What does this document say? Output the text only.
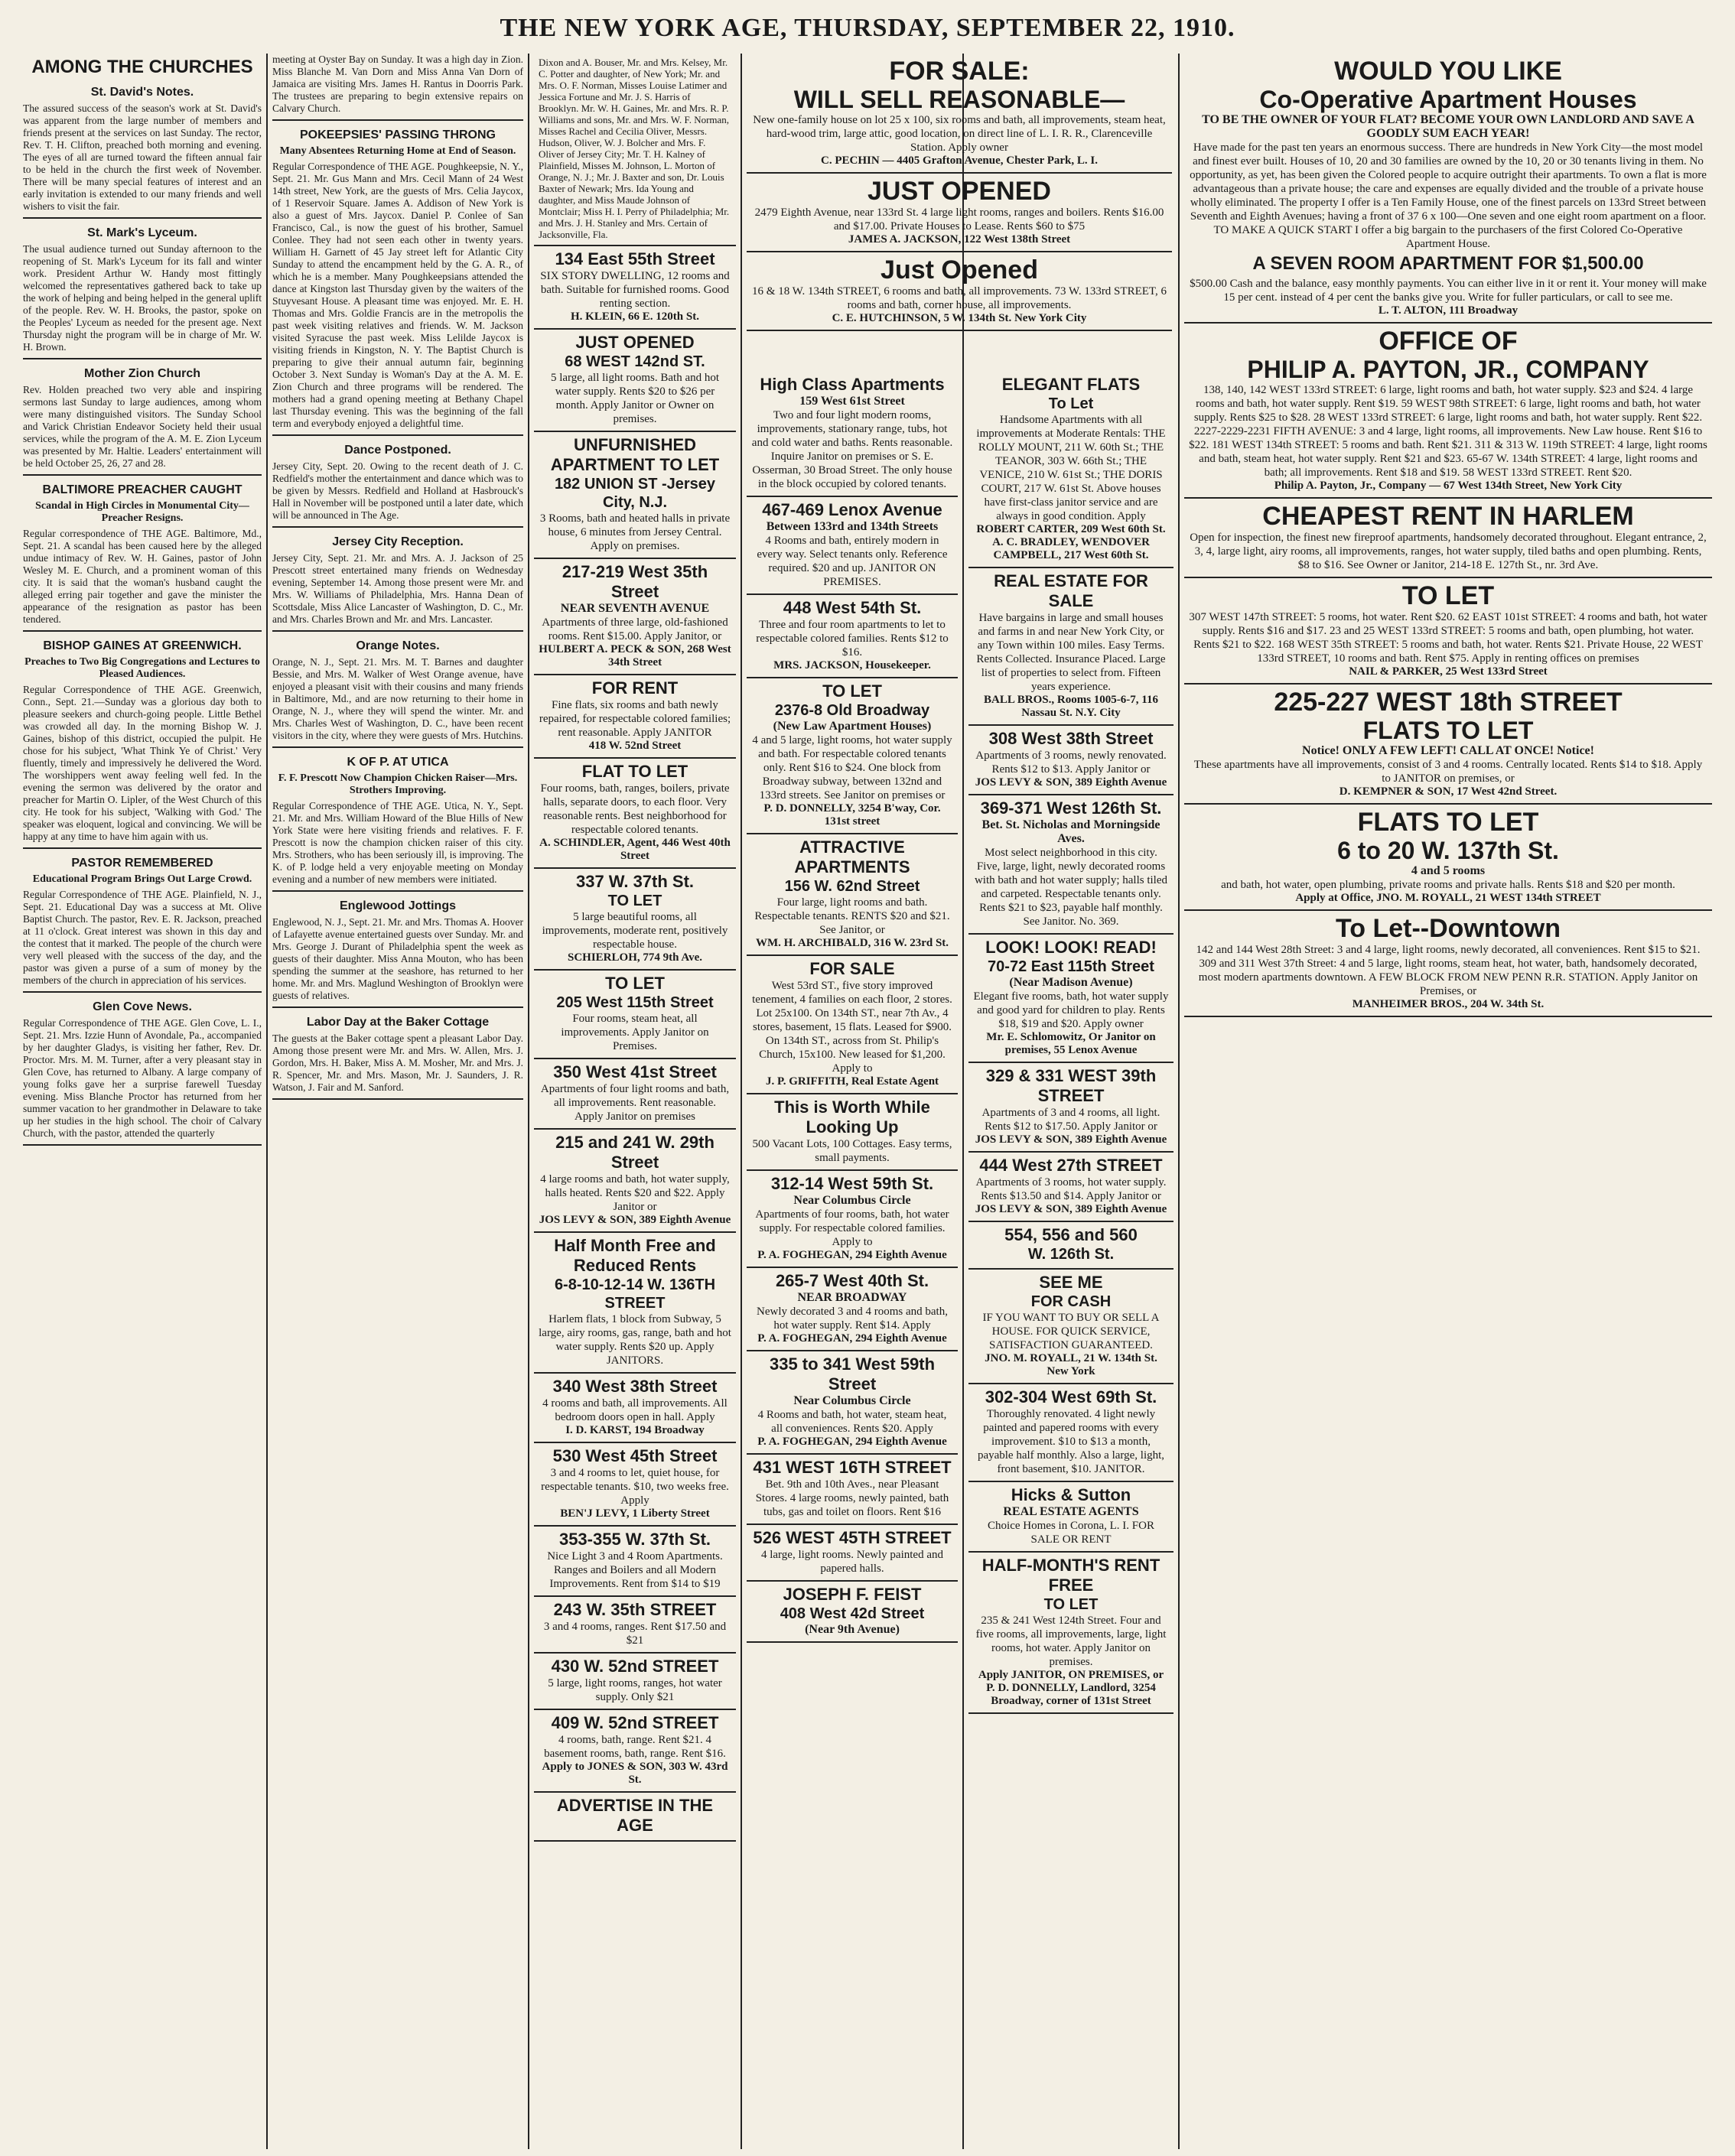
THE NEW YORK AGE, THURSDAY, SEPTEMBER 22, 1910.
AMONG THE CHURCHES
St. David's Notes.

The assured success of the season's work at St. David's was apparent from the large number of members and friends present at the services on last Sunday. The rector, Rev. T. H. Clifton, preached both morning and evening. The eyes of all are turned toward the fifteen annual fair to be held in the church the first week of November. There will be many special features of interest and an early invitation is extended to our many friends and well wishers to visit the fair.

St. Mark's Lyceum.

The usual audience turned out Sunday afternoon to the reopening of St. Mark's Lyceum for its fall and winter work. President Arthur W. Handy most fittingly welcomed the representatives gathered back to take up the work of helping and being helped in the general uplift of the people. Rev. W. H. Brooks, the pastor, spoke on the Peoples' Lyceum as needed for the present age. Next Thursday night the program will be in charge of Mr. W. H. Brown.

Mother Zion Church

Rev. Holden preached two very able and inspiring sermons last Sunday to large audiences, among whom were many distinguished visitors. The Sunday School and Varick Christian Endeavor Society held their usual services, while the program of the A. M. E. Zion Lyceum was presented by Mr. Haltie. Leaders' entertainment will be held October 25, 26, 27 and 28.

BALTIMORE PREACHER CAUGHT
Scandal in High Circles in Monumental City—Preacher Resigns.

Regular correspondence of THE AGE. Baltimore, Md., Sept. 21. A scandal has been caused here by the alleged undue intimacy of Rev. W. H. Gaines, pastor of John Wesley M. E. Church, and a prominent woman of this city. It is said that the woman's husband caught the alleged erring pair together and gave the minister the appearance of the resignation as pastor has been tendered.

BISHOP GAINES AT GREENWICH.
Preaches to Two Big Congregations and Lectures to Pleased Audiences.

Regular Correspondence of THE AGE. Greenwich, Conn., Sept. 21.—Sunday was a glorious day both to pleasure seekers and church-going people. Little Bethel was crowded all day. In the morning Bishop W. J. Gaines, bishop of this district, occupied the pulpit. He chose for his subject, 'What Think Ye of Christ.' Very fluently, timely and impressively he delivered the Word. The worshippers went away feeling well fed. In the evening the sermon was delivered by the orator and preacher for Martin O. Lipler, of the West Church of this city. He took for his subject, 'Walking with God.' The speaker was eloquent, logical and convincing. We will be happy at any time to have him again with us.

PASTOR REMEMBERED
Educational Program Brings Out Large Crowd.

Regular Correspondence of THE AGE. Plainfield, N. J., Sept. 21. Educational Day was a success at Mt. Olive Baptist Church. The pastor, Rev. E. R. Jackson, preached at 11 o'clock. Great interest was shown in this day and the contest that it marked. The people of the church were very well pleased with the success of the day, and the pastor was given a purse of a sum of money by the members of the church in appreciation of his services.

Glen Cove News.

Regular Correspondence of THE AGE. Glen Cove, L. I., Sept. 21. Mrs. Izzie Hunn of Avondale, Pa., accompanied by her daughter Gladys, is visiting her father, Rev. Dr. Proctor. Mrs. M. M. Turner, after a very pleasant stay in Glen Cove, has returned to Albany. A large company of young folks gave her a surprise farewell Tuesday evening. Miss Blanche Proctor has returned from her summer vacation to her grandmother in Delaware to take up her studies in the high school. The choir of Calvary Church, with the pastor, attended the quarterly

meeting at Oyster Bay on Sunday. It was a high day in Zion. Miss Blanche M. Van Dorn and Miss Anna Van Dorn of Jamaica are visiting Mrs. James H. Rantus in Doorris Park. The trustees are preparing to begin extensive repairs on Calvary Church.

POKEEPSIES' PASSING THRONG
Many Absentees Returning Home at End of Season.

Regular Correspondence of THE AGE. Poughkeepsie, N. Y., Sept. 21. Mr. Gus Mann and Mrs. Cecil Mann of 24 West 14th street, New York, are the guests of Mrs. Celia Jaycox, of 1 Reservoir Square. James A. Addison of New York is also a guest of Mrs. Jaycox. Daniel P. Conlee of San Francisco, Cal., is now the guest of his brother, Samuel Conlee. They had not seen each other in twenty years. William H. Garnett of 45 Jay street left for Atlantic City Sunday to attend the encampment held by the G. A. R., of which he is a member. Many Poughkeepsians attended the dance at Kingston last Thursday given by the waiters of the Stuyvesant House. A pleasant time was enjoyed. Mr. E. H. Thomas and Mrs. Goldie Francis are in the metropolis the past week visiting relatives and friends. W. M. Jackson visited Syracuse the past week. Miss Lelilde Jaycox is visiting friends in Kingston, N. Y. The Baptist Church is preparing to give their annual autumn fair, beginning October 3. Next Sunday is Woman's Day at the A. M. E. Zion Church and three programs will be rendered. The mothers had a grand opening meeting at Bethany Chapel last Thursday evening. This was the beginning of the fall term and everybody enjoyed a delightful time.

Dance Postponed.

Jersey City, Sept. 20. Owing to the recent death of J. C. Redfield's mother the entertainment and dance which was to be given by Messrs. Redfield and Holland at Hasbrouck's Hall in November will be postponed until a later date, which will be announced in The Age.

Jersey City Reception.

Jersey City, Sept. 21. Mr. and Mrs. A. J. Jackson of 25 Prescott street entertained many friends on Wednesday evening, September 14. Among those present were Mr. and Mrs. W. Williams of Philadelphia, Mrs. Hanna Dean of Scottsdale, Miss Alice Lancaster of Washington, D. C., Mr. and Mrs. Charles Brown and Mr. and Mrs. Lancaster.

Orange Notes.

Orange, N. J., Sept. 21. Mrs. M. T. Barnes and daughter Bessie, and Mrs. M. Walker of West Orange avenue, have enjoyed a pleasant visit with their cousins and many friends in Baltimore, Md., and are now returning to their home in Orange, N. J., where they will spend the winter. Mr. and Mrs. Charles West of Washington, D. C., have been recent visitors in the city, where they were guests of Mrs. Hutchins.

K OF P. AT UTICA
F. F. Prescott Now Champion Chicken Raiser—Mrs. Strothers Improving.

Regular Correspondence of THE AGE. Utica, N. Y., Sept. 21. Mr. and Mrs. William Howard of the Blue Hills of New York State were here visiting friends and relatives. F. F. Prescott is now the champion chicken raiser of this city. Mrs. Strothers, who has been seriously ill, is improving. The K. of P. lodge held a very enjoyable meeting on Monday evening and a number of new members were initiated.

Englewood Jottings

Englewood, N. J., Sept. 21. Mr. and Mrs. Thomas A. Hoover of Lafayette avenue entertained guests over Sunday. Mr. and Mrs. George J. Durant of Philadelphia spent the week as guests of their daughter. Miss Anna Mouton, who has been spending the summer at the seashore, has returned to her home. Mr. and Mrs. Maglund Weshington of Brooklyn were guests of relatives.

Labor Day at the Baker Cottage

The guests at the Baker cottage spent a pleasant Labor Day. Among those present were Mr. and Mrs. W. Allen, Mrs. J. Gordon, Mrs. H. Baker, Miss A. M. Mosher, Mr. and Mrs. J. R. Spencer, Mr. and Mrs. Mason, Mr. J. Saunders, J. R. Watson, J. Fair and M. Sanford.

Dixon and A. Bouser, Mr. and Mrs. Kelsey, Mr. C. Potter and daughter, of New York; Mr. and Mrs. O. F. Norman, Misses Louise Latimer and Jessica Fortune and Mr. J. S. Harris of Brooklyn. Mr. W. H. Gaines, Mr. and Mrs. R. P. Williams and sons, Mr. and Mrs. W. F. Norman, Misses Rachel and Cecilia Oliver, Messrs. Hudson, Oliver, W. J. Bolcher and Mrs. F. Oliver of Jersey City; Mr. T. H. Kalney of Plainfield, Misses M. Johnson, L. Morton of Orange, N. J.; Mr. J. Baxter and son, Dr. Louis Baxter of Newark; Mrs. Ida Young and daughter, and Miss Maude Johnson of Montclair; Miss H. I. Perry of Philadelphia; Mr. and Mrs. J. H. Stanley and Mrs. Certain of Jacksonville, Fla.
134 East 55th Street
SIX STORY DWELLING, 12 rooms and bath. Suitable for furnished rooms. Good renting section.
H. KLEIN, 66 E. 120th St.
JUST OPENED
68 WEST 142nd ST.
5 large, all light rooms. Bath and hot water supply. Rents $20 to $26 per month. Apply Janitor or Owner on premises.
UNFURNISHED APARTMENT TO LET
182 UNION ST -Jersey City, N.J.
3 Rooms, bath and heated halls in private house, 6 minutes from Jersey Central. Apply on premises.
217-219 West 35th Street
NEAR SEVENTH AVENUE
Apartments of three large, old-fashioned rooms. Rent $15.00. Apply Janitor, or
HULBERT A. PECK & SON, 268 West 34th Street
FOR RENT
Fine flats, six rooms and bath newly repaired, for respectable colored families; rent reasonable. Apply JANITOR
418 W. 52nd Street
FLAT TO LET
Four rooms, bath, ranges, boilers, private halls, separate doors, to each floor. Very reasonable rents. Best neighborhood for respectable colored tenants.
A. SCHINDLER, Agent, 446 West 40th Street
337 W. 37th St.
TO LET
5 large beautiful rooms, all improvements, moderate rent, positively respectable house.
SCHIERLOH, 774 9th Ave.
TO LET
205 West 115th Street
Four rooms, steam heat, all improvements. Apply Janitor on Premises.
350 West 41st Street
Apartments of four light rooms and bath, all improvements. Rent reasonable. Apply Janitor on premises
215 and 241 W. 29th Street
4 large rooms and bath, hot water supply, halls heated. Rents $20 and $22. Apply Janitor or
JOS LEVY & SON, 389 Eighth Avenue
Half Month Free and Reduced Rents
6-8-10-12-14 W. 136TH STREET
Harlem flats, 1 block from Subway, 5 large, airy rooms, gas, range, bath and hot water supply. Rents $20 up. Apply JANITORS.
340 West 38th Street
4 rooms and bath, all improvements. All bedroom doors open in hall. Apply
I. D. KARST, 194 Broadway
530 West 45th Street
3 and 4 rooms to let, quiet house, for respectable tenants. $10, two weeks free. Apply
BEN'J LEVY, 1 Liberty Street
353-355 W. 37th St.
Nice Light 3 and 4 Room Apartments. Ranges and Boilers and all Modern Improvements. Rent from $14 to $19
243 W. 35th STREET
3 and 4 rooms, ranges. Rent $17.50 and $21
430 W. 52nd STREET
5 large, light rooms, ranges, hot water supply. Only $21
409 W. 52nd STREET
4 rooms, bath, range. Rent $21. 4 basement rooms, bath, range. Rent $16.
Apply to JONES & SON, 303 W. 43rd St.
ADVERTISE IN THE AGE
FOR SALE:
WILL SELL REASONABLE—
New one-family house on lot 25 x 100, six rooms and bath, all improvements, steam heat, hard-wood trim, large attic, good location, on direct line of L. I. R. R., Clarenceville Station. Apply owner
C. PECHIN — 4405 Grafton Avenue, Chester Park, L. I.
JUST OPENED
2479 Eighth Avenue, near 133rd St. 4 large light rooms, ranges and boilers. Rents $16.00 and $17.00. Private Houses to Lease. Rents $60 to $75
JAMES A. JACKSON, 122 West 138th Street
Just Opened
16 & 18 W. 134th STREET, 6 rooms and bath, all improvements. 73 W. 133rd STREET, 6 rooms and bath, corner house, all improvements.
C. E. HUTCHINSON, 5 W. 134th St. New York City
High Class Apartments
159 West 61st Street
Two and four light modern rooms, improvements, stationary range, tubs, hot and cold water and baths. Rents reasonable. Inquire Janitor on premises or S. E. Osserman, 30 Broad Street. The only house in the block occupied by colored tenants.
467-469 Lenox Avenue
Between 133rd and 134th Streets
4 Rooms and bath, entirely modern in every way. Select tenants only. Reference required. $20 and up. JANITOR ON PREMISES.
448 West 54th St.
Three and four room apartments to let to respectable colored families. Rents $12 to $16.
MRS. JACKSON, Housekeeper.
TO LET
2376-8 Old Broadway
(New Law Apartment Houses)
4 and 5 large, light rooms, hot water supply and bath. For respectable colored tenants only. Rent $16 to $24. One block from Broadway subway, between 132nd and 133rd streets. See Janitor on premises or
P. D. DONNELLY, 3254 B'way, Cor. 131st street
ATTRACTIVE APARTMENTS
156 W. 62nd Street
Four large, light rooms and bath. Respectable tenants. RENTS $20 and $21. See Janitor, or
WM. H. ARCHIBALD, 316 W. 23rd St.
FOR SALE
West 53rd ST., five story improved tenement, 4 families on each floor, 2 stores. Lot 25x100. On 134th ST., near 7th Av., 4 stores, basement, 15 flats. Leased for $900. On 134th ST., across from St. Philip's Church, 15x100. New leased for $1,200. Apply to
J. P. GRIFFITH, Real Estate Agent
This is Worth While Looking Up
500 Vacant Lots, 100 Cottages. Easy terms, small payments.
312-14 West 59th St.
Near Columbus Circle
Apartments of four rooms, bath, hot water supply. For respectable colored families. Apply to
P. A. FOGHEGAN, 294 Eighth Avenue
265-7 West 40th St.
NEAR BROADWAY
Newly decorated 3 and 4 rooms and bath, hot water supply. Rent $14. Apply
P. A. FOGHEGAN, 294 Eighth Avenue
335 to 341 West 59th Street
Near Columbus Circle
4 Rooms and bath, hot water, steam heat, all conveniences. Rents $20. Apply
P. A. FOGHEGAN, 294 Eighth Avenue
431 WEST 16TH STREET
Bet. 9th and 10th Aves., near Pleasant Stores. 4 large rooms, newly painted, bath tubs, gas and toilet on floors. Rent $16
526 WEST 45TH STREET
4 large, light rooms. Newly painted and papered halls.
JOSEPH F. FEIST
408 West 42d Street
(Near 9th Avenue)
ELEGANT FLATS
To Let
Handsome Apartments with all improvements at Moderate Rentals: THE ROLLY MOUNT, 211 W. 60th St.; THE TEANOR, 303 W. 66th St.; THE VENICE, 210 W. 61st St.; THE DORIS COURT, 217 W. 61st St. Above houses have first-class janitor service and are always in good condition. Apply
ROBERT CARTER, 209 West 60th St. A. C. BRADLEY, WENDOVER CAMPBELL, 217 West 60th St.
REAL ESTATE FOR SALE
Have bargains in large and small houses and farms in and near New York City, or any Town within 100 miles. Easy Terms. Rents Collected. Insurance Placed. Large list of properties to select from. Fifteen years experience.
BALL BROS., Rooms 1005-6-7, 116 Nassau St. N.Y. City
308 West 38th Street
Apartments of 3 rooms, newly renovated. Rents $12 to $13. Apply Janitor or
JOS LEVY & SON, 389 Eighth Avenue
369-371 West 126th St.
Bet. St. Nicholas and Morningside Aves.
Most select neighborhood in this city. Five, large, light, newly decorated rooms with bath and hot water supply; halls tiled and carpeted. Respectable tenants only. Rents $21 to $23, payable half monthly. See Janitor. No. 369.
LOOK! LOOK! READ!
70-72 East 115th Street
(Near Madison Avenue)
Elegant five rooms, bath, hot water supply and good yard for children to play. Rents $18, $19 and $20. Apply owner
Mr. E. Schlomowitz, Or Janitor on premises, 55 Lenox Avenue
329 & 331 WEST 39th STREET
Apartments of 3 and 4 rooms, all light. Rents $12 to $17.50. Apply Janitor or
JOS LEVY & SON, 389 Eighth Avenue
444 West 27th STREET
Apartments of 3 rooms, hot water supply. Rents $13.50 and $14. Apply Janitor or
JOS LEVY & SON, 389 Eighth Avenue
554, 556 and 560
W. 126th St.
SEE ME
FOR CASH
IF YOU WANT TO BUY OR SELL A HOUSE. FOR QUICK SERVICE, SATISFACTION GUARANTEED.
JNO. M. ROYALL, 21 W. 134th St. New York
302-304 West 69th St.
Thoroughly renovated. 4 light newly painted and papered rooms with every improvement. $10 to $13 a month, payable half monthly. Also a large, light, front basement, $10. JANITOR.
Hicks & Sutton
REAL ESTATE AGENTS
Choice Homes in Corona, L. I. FOR SALE OR RENT
HALF-MONTH'S RENT FREE
TO LET
235 & 241 West 124th Street. Four and five rooms, all improvements, large, light rooms, hot water. Apply Janitor on premises.
Apply JANITOR, ON PREMISES, or P. D. DONNELLY, Landlord, 3254 Broadway, corner of 131st Street
WOULD YOU LIKE
Co-Operative Apartment Houses
TO BE THE OWNER OF YOUR FLAT? BECOME YOUR OWN LANDLORD AND SAVE A GOODLY SUM EACH YEAR!
Have made for the past ten years an enormous success. There are hundreds in New York City—the most model and finest ever built. Houses of 10, 20 and 30 families are owned by the 10, 20 or 30 tenants living in them. No opportunity, as yet, has been given the Colored people to acquire outright their apartments. To own a flat is more advantageous than a private house; the care and expenses are equally divided and the trouble of a private house wholly eliminated. The property I offer is a Ten Family House, one of the finest parcels on 133rd Street between Seventh and Eighth Avenues; having a front of 37 6 x 100—One seven and one eight room apartment on a floor. TO MAKE A QUICK START I offer a big bargain to the purchasers of the first Colored Co-Operative Apartment House.
A SEVEN ROOM APARTMENT FOR $1,500.00
$500.00 Cash and the balance, easy monthly payments. You can either live in it or rent it. Your money will make 15 per cent. instead of 4 per cent the banks give you. Write for fuller particulars, or call to see me.
L. T. ALTON, 111 Broadway
OFFICE OF
PHILIP A. PAYTON, JR., COMPANY
138, 140, 142 WEST 133rd STREET: 6 large, light rooms and bath, hot water supply. $23 and $24. 4 large rooms and bath, hot water supply. Rent $19. 59 WEST 98th STREET: 6 large, light rooms and bath, hot water supply. Rents $25 to $28. 28 WEST 133rd STREET: 6 large, light rooms and bath, hot water supply. Rent $22. 2227-2229-2231 FIFTH AVENUE: 3 and 4 large, light rooms, all improvements. New Law house. Rent $16 to $22. 181 WEST 134th STREET: 5 rooms and bath. Rent $21. 311 & 313 W. 119th STREET: 4 large, light rooms and bath, steam heat, hot water supply. Rent $21 and $23. 65-67 W. 134th STREET: 4 large, light rooms and bath; all improvements. Rent $18 and $19. 58 WEST 133rd STREET. Rent $20.
Philip A. Payton, Jr., Company — 67 West 134th Street, New York City
CHEAPEST RENT IN HARLEM
Open for inspection, the finest new fireproof apartments, handsomely decorated throughout. Elegant entrance, 2, 3, 4, large light, airy rooms, all improvements, ranges, hot water supply, tiled baths and open plumbing. Rents, $8 to $16. See Owner or Janitor, 214-18 E. 127th St., nr. 3rd Ave.
TO LET
307 WEST 147th STREET: 5 rooms, hot water. Rent $20. 62 EAST 101st STREET: 4 rooms and bath, hot water supply. Rents $16 and $17. 23 and 25 WEST 133rd STREET: 5 rooms and bath, open plumbing, hot water. Rents $21 to $22. 168 WEST 35th STREET: 5 rooms and bath, hot water. Rents $21. Private House, 22 WEST 133rd STREET, 10 rooms and bath. Rent $75. Apply in renting offices on premises
NAIL & PARKER, 25 West 133rd Street
225-227 WEST 18th STREET
FLATS TO LET
Notice! ONLY A FEW LEFT! CALL AT ONCE! Notice!
These apartments have all improvements, consist of 3 and 4 rooms. Centrally located. Rents $14 to $18. Apply to JANITOR on premises, or
D. KEMPNER & SON, 17 West 42nd Street.
FLATS TO LET
6 to 20 W. 137th St.
4 and 5 rooms
and bath, hot water, open plumbing, private rooms and private halls. Rents $18 and $20 per month.
Apply at Office, JNO. M. ROYALL, 21 WEST 134th STREET
To Let--Downtown
142 and 144 West 28th Street: 3 and 4 large, light rooms, newly decorated, all conveniences. Rent $15 to $21. 309 and 311 West 37th Street: 4 and 5 large, light rooms, steam heat, hot water, bath, handsomely decorated, most modern apartments downtown. A FEW BLOCK FROM NEW PENN R.R. STATION. Apply Janitor on Premises, or
MANHEIMER BROS., 204 W. 34th St.
